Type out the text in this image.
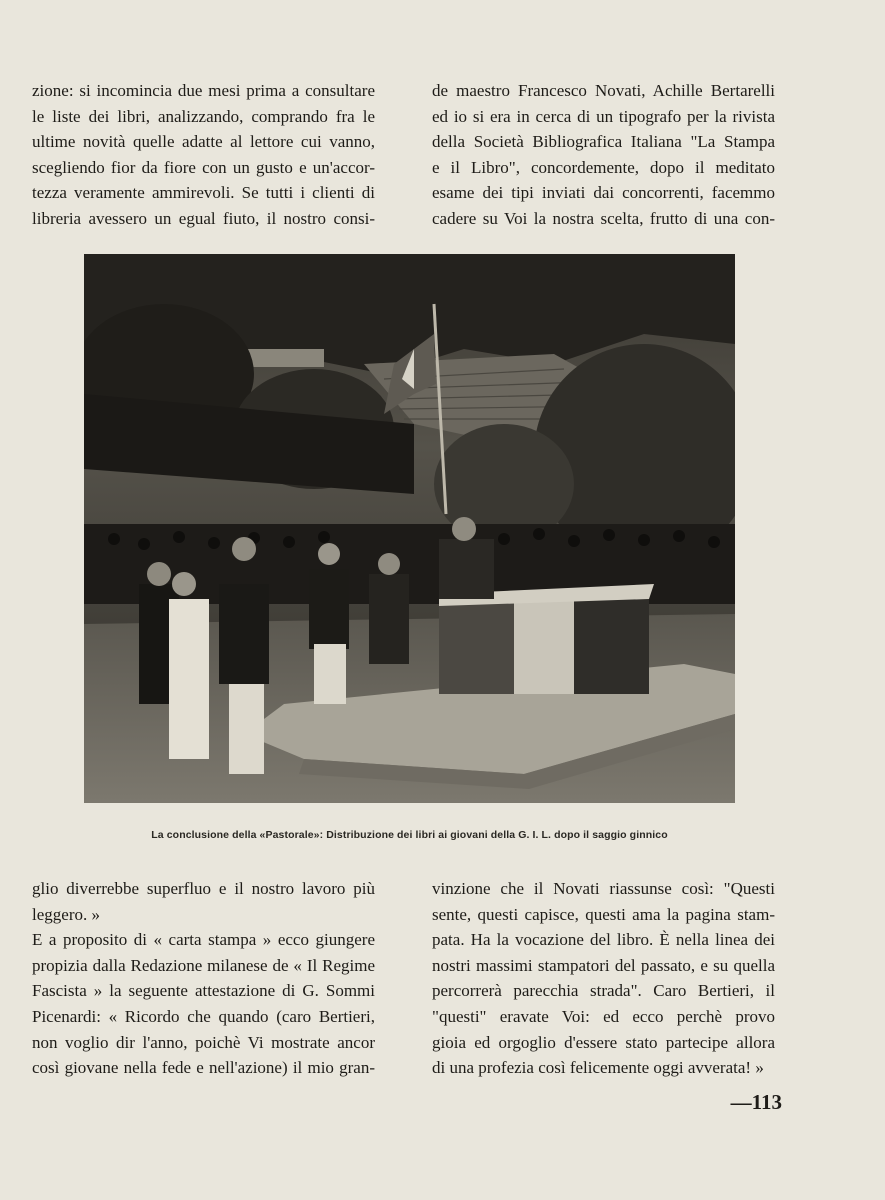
zione: si incomincia due mesi prima a consultare
le liste dei libri, analizzando, comprando fra le
ultime novità quelle adatte al lettore cui vanno,
scegliendo fior da fiore con un gusto e un'accor-
tezza veramente ammirevoli. Se tutti i clienti di
libreria avessero un egual fiuto, il nostro consi-
de maestro Francesco Novati, Achille Bertarelli
ed io si era in cerca di un tipografo per la rivista
della Società Bibliografica Italiana "La Stampa
e il Libro", concordemente, dopo il meditato
esame dei tipi inviati dai concorrenti, facemmo
cadere su Voi la nostra scelta, frutto di una con-
La conclusione della «Pastorale»: Distribuzione dei libri ai giovani della G. I. L. dopo il saggio ginnico
glio diverrebbe superfluo e il nostro lavoro più
leggero. »
E a proposito di « carta stampa » ecco giungere
propizia dalla Redazione milanese de « Il Regime
Fascista » la seguente attestazione di G. Sommi
Picenardi: « Ricordo che quando (caro Bertieri,
non voglio dir l'anno, poichè Vi mostrate ancor
così giovane nella fede e nell'azione) il mio gran-
vinzione che il Novati riassunse così: "Questi
sente, questi capisce, questi ama la pagina stam-
pata. Ha la vocazione del libro. È nella linea dei
nostri massimi stampatori del passato, e su quella
percorrerà parecchia strada". Caro Bertieri, il
"questi" eravate Voi: ed ecco perchè provo
gioia ed orgoglio d'essere stato partecipe allora
di una profezia così felicemente oggi avverata! »
—113
